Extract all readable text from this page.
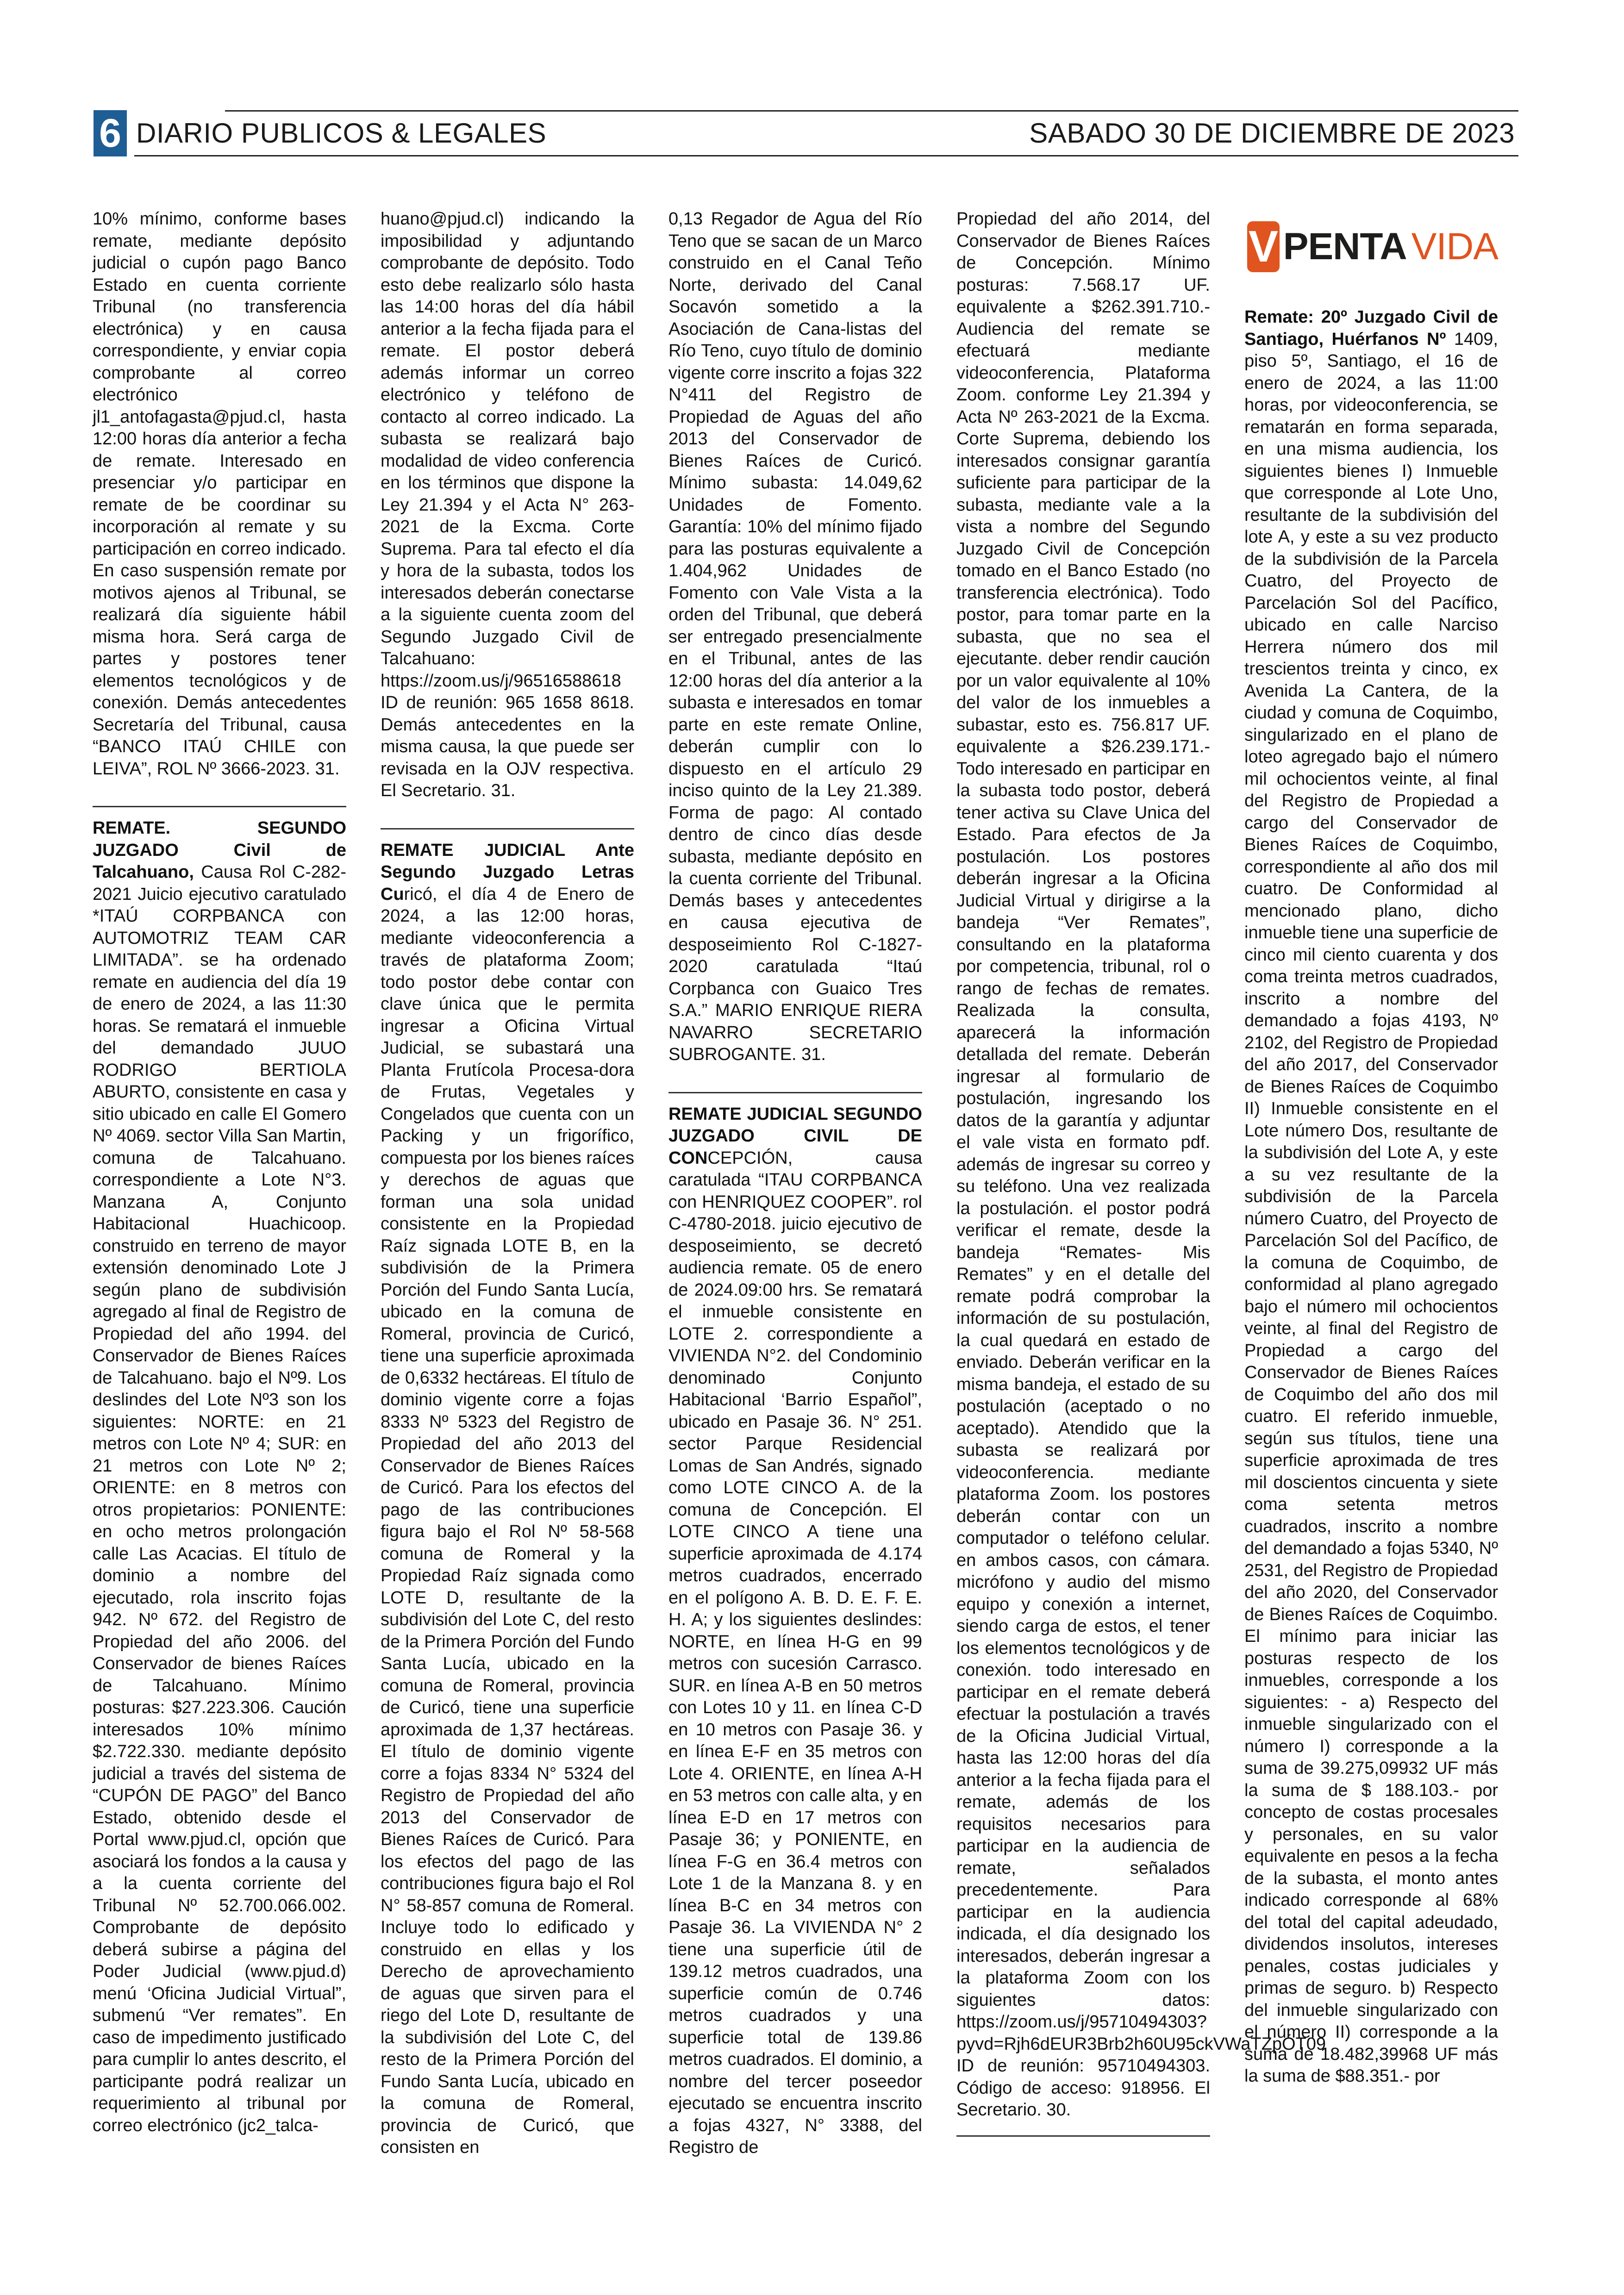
6 DIARIO PUBLICOS & LEGALES	SABADO 30 DE DICIEMBRE DE 2023

10% mínimo, conforme bases remate, mediante depósito judicial o cupón pago Banco Estado en cuenta corriente Tribunal (no transferencia electrónica) y en causa correspondiente, y enviar copia comprobante al correo electrónico jl1_antofagasta@pjud.cl, hasta 12:00 horas día anterior a fecha de remate. Interesado en presenciar y/o participar en remate de be coordinar su incorporación al remate y su participación en correo indicado. En caso suspensión remate por motivos ajenos al Tribunal, se realizará día siguiente hábil misma hora. Será carga de partes y postores tener elementos tecnológicos y de conexión. Demás antecedentes Secretaría del Tribunal, causa “BANCO ITAÚ CHILE con LEIVA”, ROL Nº 3666-2023. 31.

REMATE. SEGUNDO JUZGADO Civil de Talcahuano, Causa Rol C-282-2021 Juicio ejecutivo caratulado *ITAÚ CORPBANCA con AUTOMOTRIZ TEAM CAR LIMITADA”. se ha ordenado remate en audiencia del día 19 de enero de 2024, a las 11:30 horas. Se rematará el inmueble del demandado JUUO RODRIGO BERTIOLA ABURTO, consistente en casa y sitio ubicado en calle El Gomero Nº 4069. sector Villa San Martin, comuna de Talcahuano. correspondiente a Lote N°3. Manzana A, Conjunto Habitacional Huachicoop. construido en terreno de mayor extensión denominado Lote J según plano de subdivisión agregado al final de Registro de Propiedad del año 1994. del Conservador de Bienes Raíces de Talcahuano. bajo el Nº9. Los deslindes del Lote Nº3 son los siguientes: NORTE: en 21 metros con Lote Nº 4; SUR: en 21 metros con Lote Nº 2; ORIENTE: en 8 metros con otros propietarios: PONIENTE: en ocho metros prolongación calle Las Acacias. El título de dominio a nombre del ejecutado, rola inscrito fojas 942. Nº 672. del Registro de Propiedad del año 2006. del Conservador de bienes Raíces de Talcahuano. Mínimo posturas: $27.223.306. Caución interesados 10% mínimo $2.722.330. mediante depósito judicial a través del sistema de “CUPÓN DE PAGO” del Banco Estado, obtenido desde el Portal www.pjud.cl, opción que asociará los fondos a la causa y a la cuenta corriente del Tribunal Nº 52.700.066.002. Comprobante de depósito deberá subirse a página del Poder Judicial (www.pjud.d) menú ‘Oficina Judicial Virtual”, submenú “Ver remates”. En caso de impedimento justificado para cumplir lo antes descrito, el participante podrá realizar un requerimiento al tribunal por correo electrónico (jc2_talca-

huano@pjud.cl) indicando la imposibilidad y adjuntando comprobante de depósito. Todo esto debe realizarlo sólo hasta las 14:00 horas del día hábil anterior a la fecha fijada para el remate. El postor deberá además informar un correo electrónico y teléfono de contacto al correo indicado. La subasta se realizará bajo modalidad de video conferencia en los términos que dispone la Ley 21.394 y el Acta N° 263-2021 de la Excma. Corte Suprema. Para tal efecto el día y hora de la subasta, todos los interesados deberán conectarse a la siguiente cuenta zoom del Segundo Juzgado Civil de Talcahuano: https://zoom.us/j/96516588618 ID de reunión: 965 1658 8618. Demás antecedentes en la misma causa, la que puede ser revisada en la OJV respectiva. El Secretario. 31.

REMATE JUDICIAL Ante Segundo Juzgado Letras Curicó, el día 4 de Enero de 2024, a las 12:00 horas, mediante videoconferencia a través de plataforma Zoom; todo postor debe contar con clave única que le permita ingresar a Oficina Virtual Judicial, se subastará una Planta Frutícola Procesa-dora de Frutas, Vegetales y Congelados que cuenta con un Packing y un frigorífico, compuesta por los bienes raíces y derechos de aguas que forman una sola unidad consistente en la Propiedad Raíz signada LOTE B, en la subdivisión de la Primera Porción del Fundo Santa Lucía, ubicado en la comuna de Romeral, provincia de Curicó, tiene una superficie aproximada de 0,6332 hectáreas. El título de dominio vigente corre a fojas 8333 Nº 5323 del Registro de Propiedad del año 2013 del Conservador de Bienes Raíces de Curicó. Para los efectos del pago de las contribuciones figura bajo el Rol Nº 58-568 comuna de Romeral y la Propiedad Raíz signada como LOTE D, resultante de la subdivisión del Lote C, del resto de la Primera Porción del Fundo Santa Lucía, ubicado en la comuna de Romeral, provincia de Curicó, tiene una superficie aproximada de 1,37 hectáreas. El título de dominio vigente corre a fojas 8334 N° 5324 del Registro de Propiedad del año 2013 del Conservador de Bienes Raíces de Curicó. Para los efectos del pago de las contribuciones figura bajo el Rol N° 58-857 comuna de Romeral. Incluye todo lo edificado y construido en ellas y los Derecho de aprovechamiento de aguas que sirven para el riego del Lote D, resultante de la subdivisión del Lote C, del resto de la Primera Porción del Fundo Santa Lucía, ubicado en la comuna de Romeral, provincia de Curicó, que consisten en

0,13 Regador de Agua del Río Teno que se sacan de un Marco construido en el Canal Teño Norte, derivado del Canal Socavón sometido a la Asociación de Cana-listas del Río Teno, cuyo título de dominio vigente corre inscrito a fojas 322 N°411 del Registro de Propiedad de Aguas del año 2013 del Conservador de Bienes Raíces de Curicó. Mínimo subasta: 14.049,62 Unidades de Fomento. Garantía: 10% del mínimo fijado para las posturas equivalente a 1.404,962 Unidades de Fomento con Vale Vista a la orden del Tribunal, que deberá ser entregado presencialmente en el Tribunal, antes de las 12:00 horas del día anterior a la subasta e interesados en tomar parte en este remate Online, deberán cumplir con lo dispuesto en el artículo 29 inciso quinto de la Ley 21.389. Forma de pago: Al contado dentro de cinco días desde subasta, mediante depósito en la cuenta corriente del Tribunal. Demás bases y antecedentes en causa ejecutiva de desposeimiento Rol C-1827-2020 caratulada “Itaú Corpbanca con Guaico Tres S.A.” MARIO ENRIQUE RIERA NAVARRO SECRETARIO SUBROGANTE. 31.

REMATE JUDICIAL SEGUNDO JUZGADO CIVIL DE CONCEPCIÓN, causa caratulada “ITAU CORPBANCA con HENRIQUEZ COOPER”. rol C-4780-2018. juicio ejecutivo de desposeimiento, se decretó audiencia remate. 05 de enero de 2024.09:00 hrs. Se rematará el inmueble consistente en LOTE 2. correspondiente a VIVIENDA N°2. del Condominio denominado Conjunto Habitacional ‘Barrio Español”, ubicado en Pasaje 36. N° 251. sector Parque Residencial Lomas de San Andrés, signado como LOTE CINCO A. de la comuna de Concepción. El LOTE CINCO A tiene una superficie aproximada de 4.174 metros cuadrados, encerrado en el polígono A. B. D. E. F. E. H. A; y los siguientes deslindes: NORTE, en línea H-G en 99 metros con sucesión Carrasco. SUR. en línea A-B en 50 metros con Lotes 10 y 11. en línea C-D en 10 metros con Pasaje 36. y en línea E-F en 35 metros con Lote 4. ORIENTE, en línea A-H en 53 metros con calle alta, y en línea E-D en 17 metros con Pasaje 36; y PONIENTE, en línea F-G en 36.4 metros con Lote 1 de la Manzana 8. y en línea B-C en 34 metros con Pasaje 36. La VIVIENDA N° 2 tiene una superficie útil de 139.12 metros cuadrados, una superficie común de 0.746 metros cuadrados y una superficie total de 139.86 metros cuadrados. El dominio, a nombre del tercer poseedor ejecutado se encuentra inscrito a fojas 4327, N° 3388, del Registro de

Propiedad del año 2014, del Conservador de Bienes Raíces de Concepción. Mínimo posturas: 7.568.17 UF. equivalente a $262.391.710.- Audiencia del remate se efectuará mediante videoconferencia, Plataforma Zoom. conforme Ley 21.394 y Acta Nº 263-2021 de la Excma. Corte Suprema, debiendo los interesados consignar garantía suficiente para participar de la subasta, mediante vale a la vista a nombre del Segundo Juzgado Civil de Concepción tomado en el Banco Estado (no transferencia electrónica). Todo postor, para tomar parte en la subasta, que no sea el ejecutante. deber rendir caución por un valor equivalente al 10% del valor de los inmuebles a subastar, esto es. 756.817 UF. equivalente a $26.239.171.- Todo interesado en participar en la subasta todo postor, deberá tener activa su Clave Unica del Estado. Para efectos de Ja postulación. Los postores deberán ingresar a la Oficina Judicial Virtual y dirigirse a la bandeja “Ver Remates”, consultando en la plataforma por competencia, tribunal, rol o rango de fechas de remates. Realizada la consulta, aparecerá la información detallada del remate. Deberán ingresar al formulario de postulación, ingresando los datos de la garantía y adjuntar el vale vista en formato pdf. además de ingresar su correo y su teléfono. Una vez realizada la postulación. el postor podrá verificar el remate, desde la bandeja “Remates- Mis Remates” y en el detalle del remate podrá comprobar la información de su postulación, la cual quedará en estado de enviado. Deberán verificar en la misma bandeja, el estado de su postulación (aceptado o no aceptado). Atendido que la subasta se realizará por videoconferencia. mediante plataforma Zoom. los postores deberán contar con un computador o teléfono celular. en ambos casos, con cámara. micrófono y audio del mismo equipo y conexión a internet, siendo carga de estos, el tener los elementos tecnológicos y de conexión. todo interesado en participar en el remate deberá efectuar la postulación a través de la Oficina Judicial Virtual, hasta las 12:00 horas del día anterior a la fecha fijada para el remate, además de los requisitos necesarios para participar en la audiencia de remate, señalados precedentemente. Para participar en la audiencia indicada, el día designado los interesados, deberán ingresar a la plataforma Zoom con los siguientes datos: https://zoom.us/j/95710494303?pyvd=Rjh6dEUR3Brb2h60U95ckVWaTZpÓT09 ID de reunión: 95710494303. Código de acceso: 918956. El Secretario. 30.

V PENTA VIDA

Remate: 20º Juzgado Civil de Santiago, Huérfanos Nº 1409, piso 5º, Santiago, el 16 de enero de 2024, a las 11:00 horas, por videoconferencia, se rematarán en forma separada, en una misma audiencia, los siguientes bienes I) Inmueble que corresponde al Lote Uno, resultante de la subdivisión del lote A, y este a su vez producto de la subdivisión de la Parcela Cuatro, del Proyecto de Parcelación Sol del Pacífico, ubicado en calle Narciso Herrera número dos mil trescientos treinta y cinco, ex Avenida La Cantera, de la ciudad y comuna de Coquimbo, singularizado en el plano de loteo agregado bajo el número mil ochocientos veinte, al final del Registro de Propiedad a cargo del Conservador de Bienes Raíces de Coquimbo, correspondiente al año dos mil cuatro. De Conformidad al mencionado plano, dicho inmueble tiene una superficie de cinco mil ciento cuarenta y dos coma treinta metros cuadrados, inscrito a nombre del demandado a fojas 4193, Nº 2102, del Registro de Propiedad del año 2017, del Conservador de Bienes Raíces de Coquimbo II) Inmueble consistente en el Lote número Dos, resultante de la subdivisión del Lote A, y este a su vez resultante de la subdivisión de la Parcela número Cuatro, del Proyecto de Parcelación Sol del Pacífico, de la comuna de Coquimbo, de conformidad al plano agregado bajo el número mil ochocientos veinte, al final del Registro de Propiedad a cargo del Conservador de Bienes Raíces de Coquimbo del año dos mil cuatro. El referido inmueble, según sus títulos, tiene una superficie aproximada de tres mil doscientos cincuenta y siete coma setenta metros cuadrados, inscrito a nombre del demandado a fojas 5340, Nº 2531, del Registro de Propiedad del año 2020, del Conservador de Bienes Raíces de Coquimbo. El mínimo para iniciar las posturas respecto de los inmuebles, corresponde a los siguientes: - a) Respecto del inmueble singularizado con el número I) corresponde a la suma de 39.275,09932 UF más la suma de $ 188.103.- por concepto de costas procesales y personales, en su valor equivalente en pesos a la fecha de la subasta, el monto antes indicado corresponde al 68% del total del capital adeudado, dividendos insolutos, intereses penales, costas judiciales y primas de seguro. b) Respecto del inmueble singularizado con el número II) corresponde a la suma de 18.482,39968 UF más la suma de $88.351.- por
